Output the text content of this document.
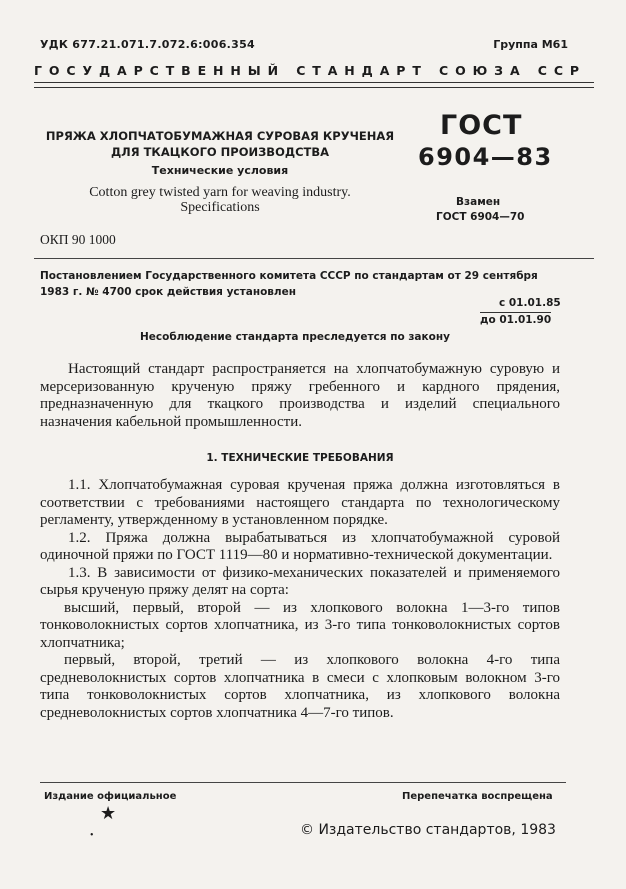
УДК 677.21.071.7.072.6:006.354	Группа М61
ГОСУДАРСТВЕННЫЙ СТАНДАРТ СОЮЗА ССР
ПРЯЖА ХЛОПЧАТОБУМАЖНАЯ СУРОВАЯ КРУЧЕНАЯ
ДЛЯ ТКАЦКОГО ПРОИЗВОДСТВА
Технические условия
Cotton grey twisted yarn for weaving industry.
Specifications
ГОСТ
6904—83
Взамен
ГОСТ 6904—70
ОКП 90 1000
Постановлением Государственного комитета СССР по стандартам от 29 сентября 1983 г. № 4700 срок действия установлен
с 01.01.85
до 01.01.90
Несоблюдение стандарта преследуется по закону

Настоящий стандарт распространяется на хлопчатобумажную суровую и мерсеризованную крученую пряжу гребенного и кардного прядения, предназначенную для ткацкого производства и изделий специального назначения кабельной промышленности.

1. ТЕХНИЧЕСКИЕ ТРЕБОВАНИЯ

1.1. Хлопчатобумажная суровая крученая пряжа должна изготовляться в соответствии с требованиями настоящего стандарта по технологическому регламенту, утвержденному в установленном порядке.

1.2. Пряжа должна вырабатываться из хлопчатобумажной суровой одиночной пряжи по ГОСТ 1119—80 и нормативно-технической документации.

1.3. В зависимости от физико-механических показателей и применяемого сырья крученую пряжу делят на сорта:

высший, первый, второй — из хлопкового волокна 1—3-го типов тонковолокнистых сортов хлопчатника, из 3-го типа тонковолокнистых сортов хлопчатника;

первый, второй, третий — из хлопкового волокна 4-го типа средневолокнистых сортов хлопчатника в смеси с хлопковым волокном 3-го типа тонковолокнистых сортов хлопчатника, из хлопкового волокна средневолокнистых сортов хлопчатника 4—7-го типов.

Издание официальное	Перепечатка воспрещена
★
•	© Издательство стандартов, 1983
